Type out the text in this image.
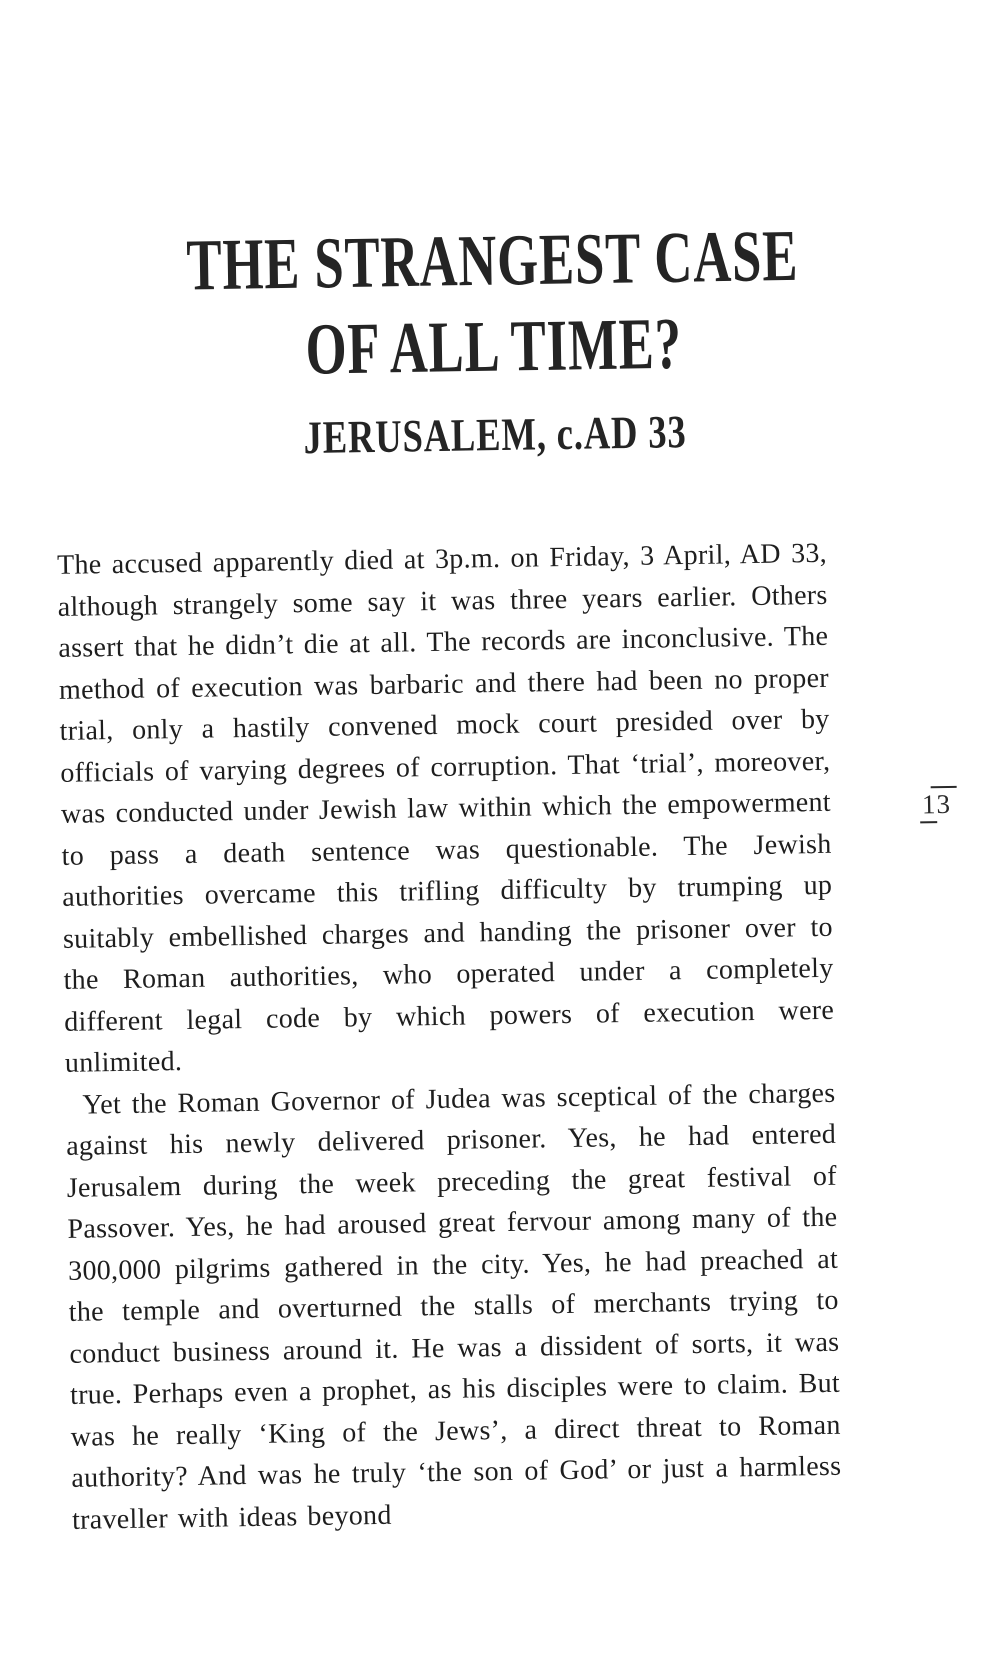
THE STRANGEST CASE
OF ALL TIME?
JERUSALEM, c.AD 33

The accused apparently died at 3p.m. on Friday, 3 April, AD 33, although strangely some say it was three years earlier. Others assert that he didn’t die at all. The records are inconclusive. The method of execution was barbaric and there had been no proper trial, only a hastily convened mock court presided over by officials of varying degrees of corruption. That ‘trial’, moreover, was conducted under Jewish law within which the empowerment to pass a death sentence was questionable. The Jewish authorities overcame this trifling difficulty by trumping up suitably embellished charges and handing the prisoner over to the Roman authorities, who operated under a completely different legal code by which powers of execution were unlimited.

Yet the Roman Governor of Judea was sceptical of the charges against his newly delivered prisoner. Yes, he had entered Jerusalem during the week preceding the great festival of Passover. Yes, he had aroused great fervour among many of the 300,000 pilgrims gathered in the city. Yes, he had preached at the temple and overturned the stalls of merchants trying to conduct business around it. He was a dissident of sorts, it was true. Perhaps even a prophet, as his disciples were to claim. But was he really ‘King of the Jews’, a direct threat to Roman authority? And was he truly ‘the son of God’ or just a harmless traveller with ideas beyond

13
